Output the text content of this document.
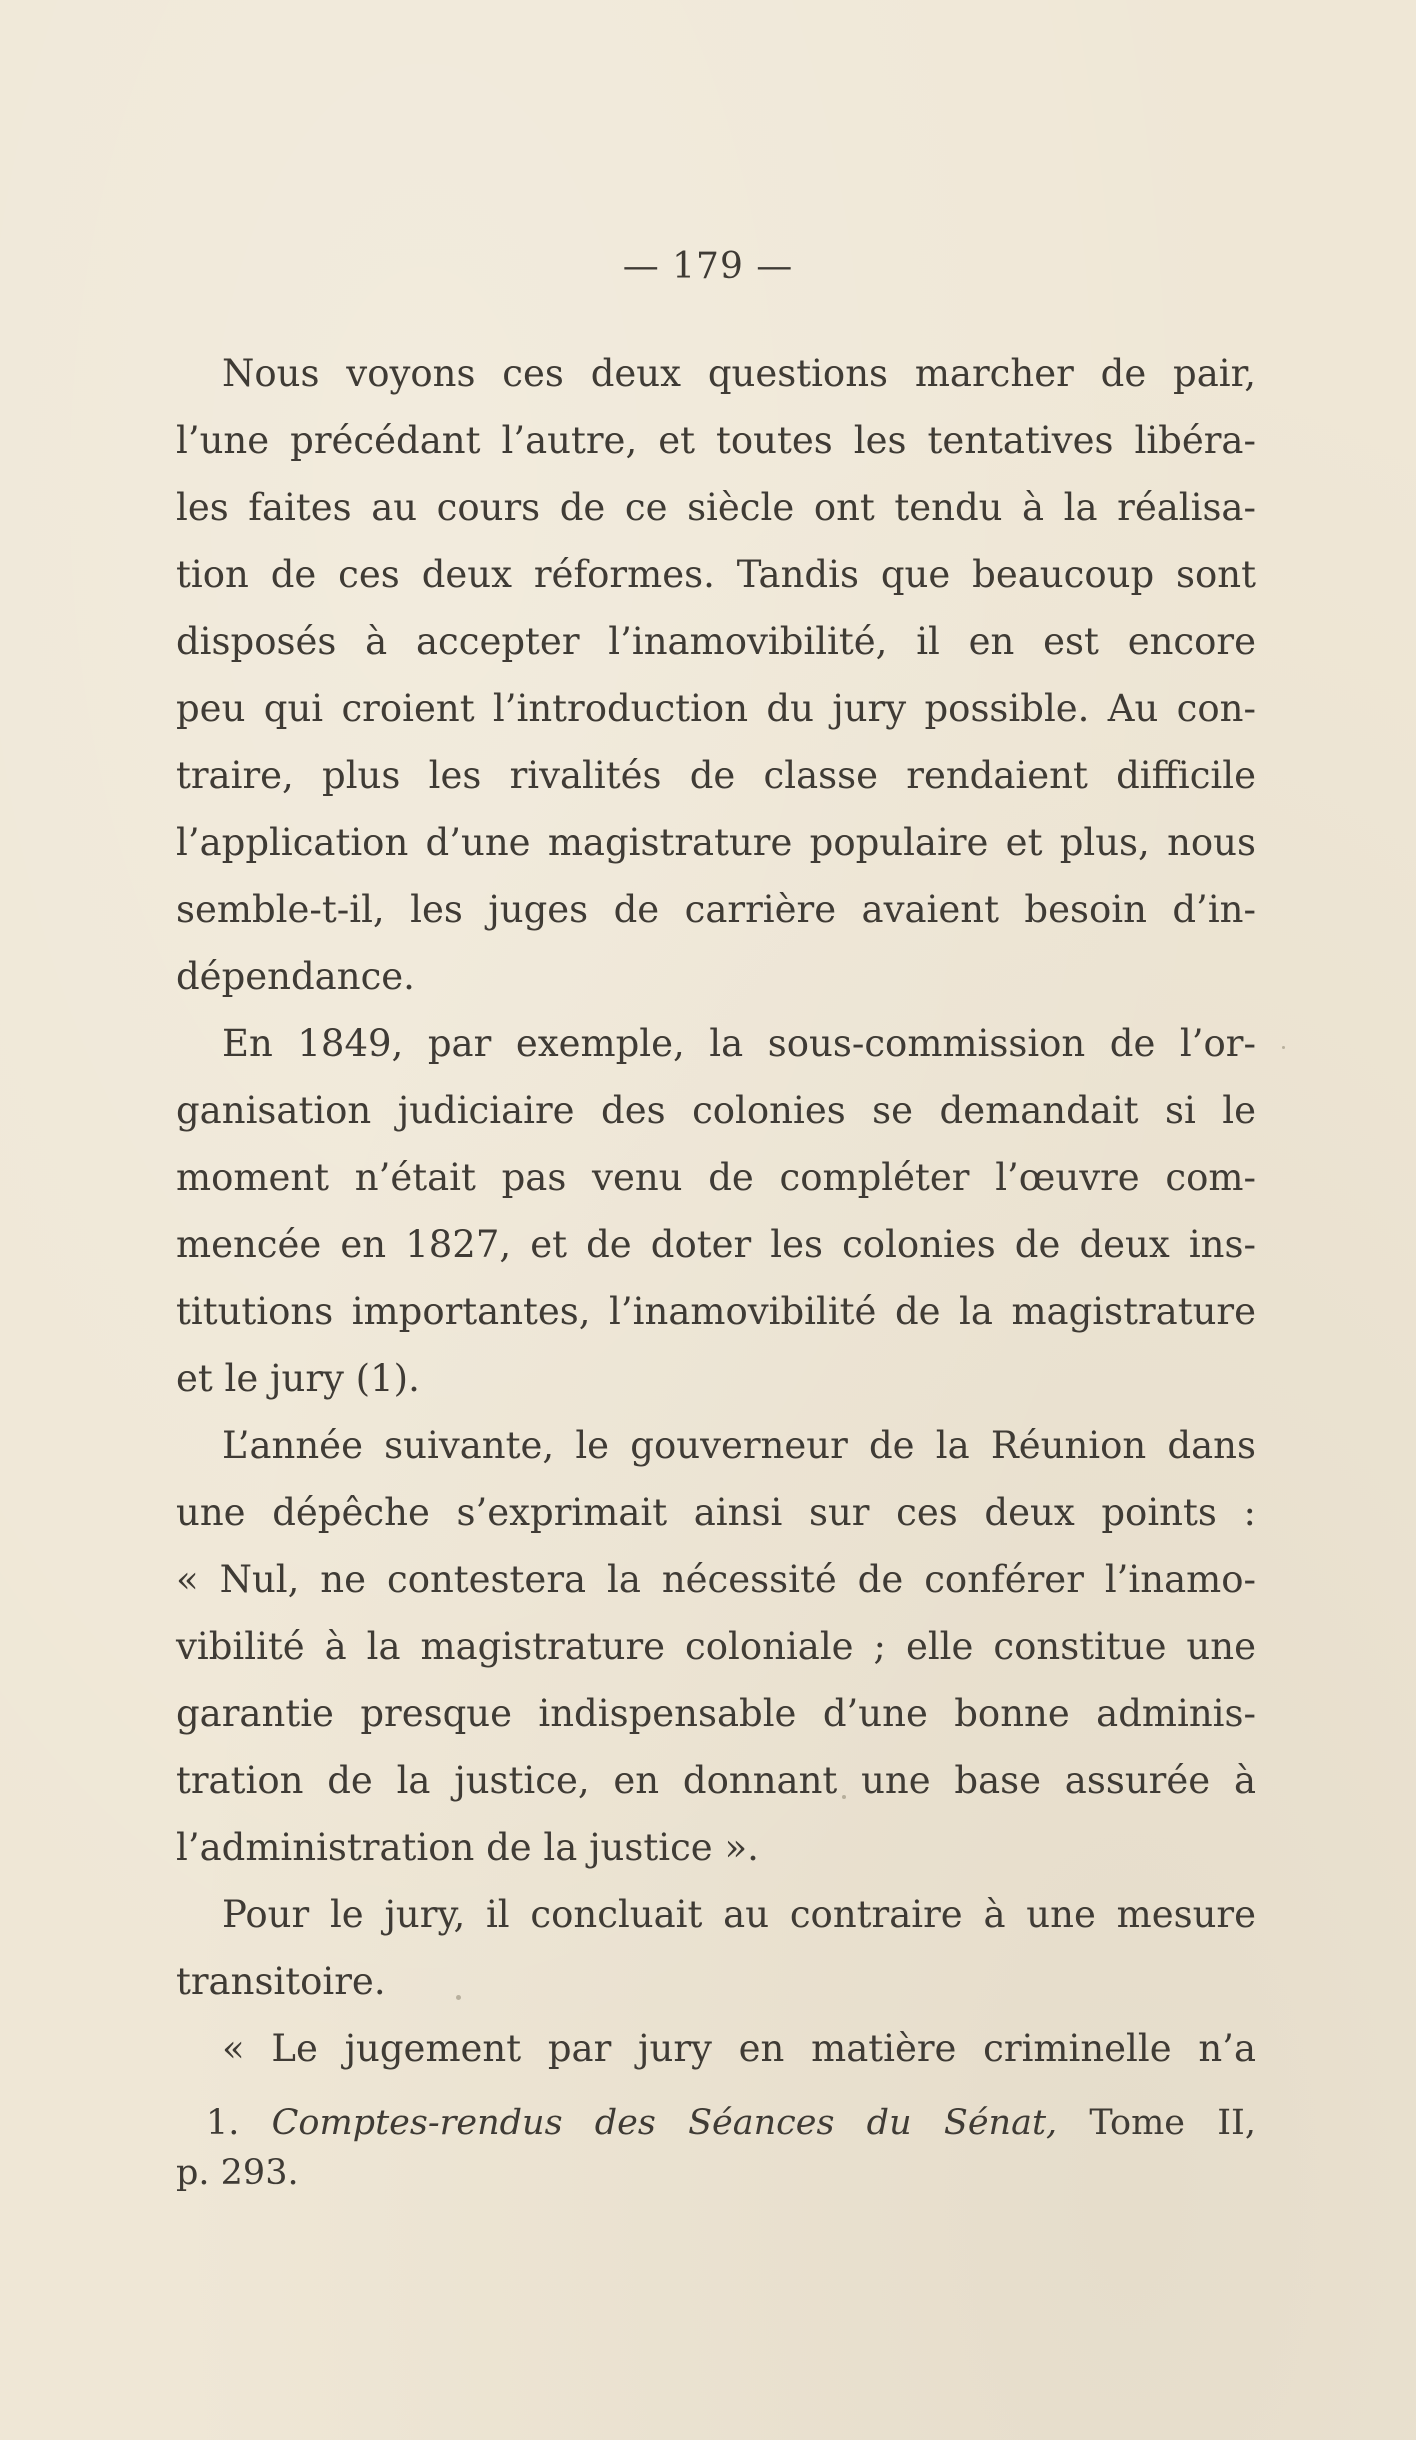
— 179 —
Nous voyons ces deux questions marcher de pair,
l’une précédant l’autre, et toutes les tentatives libéra-
les faites au cours de ce siècle ont tendu à la réalisa-
tion de ces deux réformes. Tandis que beaucoup sont
disposés à accepter l’inamovibilité, il en est encore
peu qui croient l’introduction du jury possible. Au con-
traire, plus les rivalités de classe rendaient difficile
l’application d’une magistrature populaire et plus, nous
semble-t-il, les juges de carrière avaient besoin d’in-
dépendance.
En 1849, par exemple, la sous-commission de l’or-
ganisation judiciaire des colonies se demandait si le
moment n’était pas venu de compléter l’œuvre com-
mencée en 1827, et de doter les colonies de deux ins-
titutions importantes, l’inamovibilité de la magistrature
et le jury (1).
L’année suivante, le gouverneur de la Réunion dans
une dépêche s’exprimait ainsi sur ces deux points :
« Nul, ne contestera la nécessité de conférer l’inamo-
vibilité à la magistrature coloniale ; elle constitue une
garantie presque indispensable d’une bonne adminis-
tration de la justice, en donnant une base assurée à
l’administration de la justice ».
Pour le jury, il concluait au contraire à une mesure
transitoire.
« Le jugement par jury en matière criminelle n’a
1. Comptes-rendus des Séances du Sénat, Tome II,
p. 293.
